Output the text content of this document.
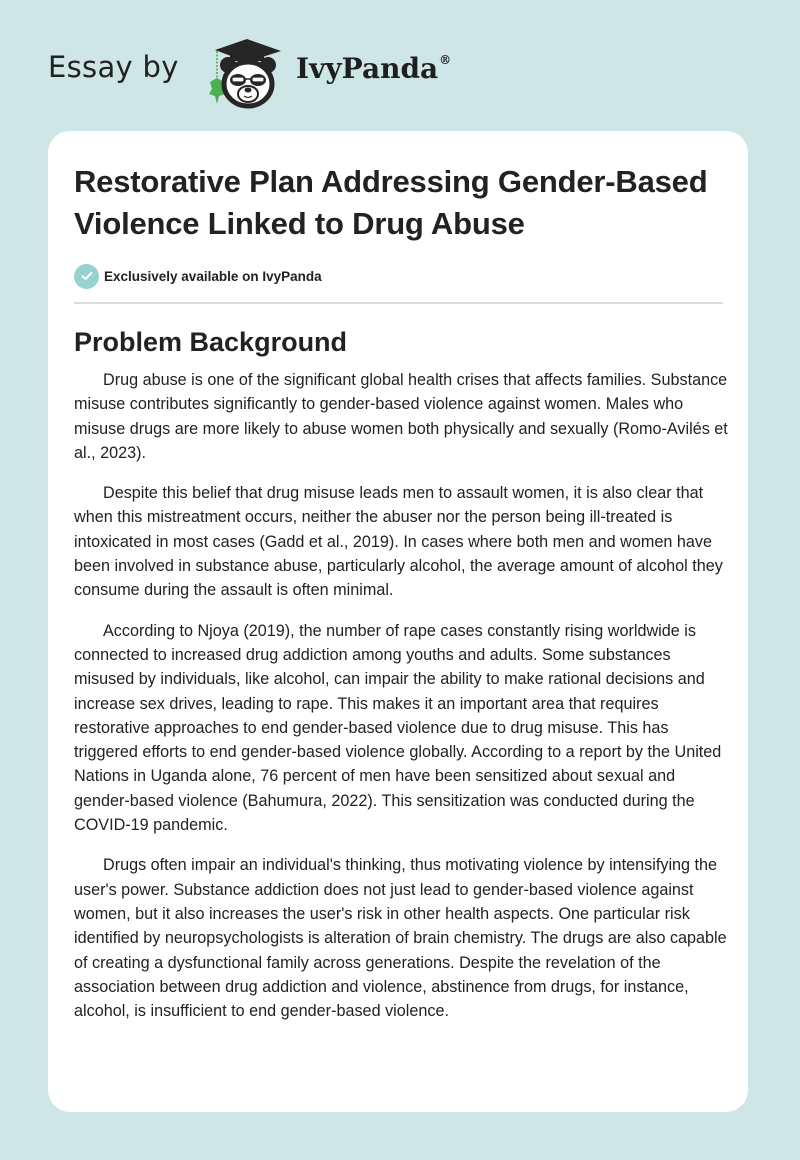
Essay by	IvyPanda®
Restorative Plan Addressing Gender-Based Violence Linked to Drug Abuse
Exclusively available on IvyPanda
Problem Background

Drug abuse is one of the significant global health crises that affects families. Substance misuse contributes significantly to gender-based violence against women. Males who misuse drugs are more likely to abuse women both physically and sexually (Romo-Avilés et al., 2023).

Despite this belief that drug misuse leads men to assault women, it is also clear that when this mistreatment occurs, neither the abuser nor the person being ill-treated is intoxicated in most cases (Gadd et al., 2019). In cases where both men and women have been involved in substance abuse, particularly alcohol, the average amount of alcohol they consume during the assault is often minimal.

According to Njoya (2019), the number of rape cases constantly rising worldwide is connected to increased drug addiction among youths and adults. Some substances misused by individuals, like alcohol, can impair the ability to make rational decisions and increase sex drives, leading to rape. This makes it an important area that requires restorative approaches to end gender-based violence due to drug misuse. This has triggered efforts to end gender-based violence globally. According to a report by the United Nations in Uganda alone, 76 percent of men have been sensitized about sexual and gender-based violence (Bahumura, 2022). This sensitization was conducted during the COVID-19 pandemic.

Drugs often impair an individual's thinking, thus motivating violence by intensifying the user's power. Substance addiction does not just lead to gender-based violence against women, but it also increases the user's risk in other health aspects. One particular risk identified by neuropsychologists is alteration of brain chemistry. The drugs are also capable of creating a dysfunctional family across generations. Despite the revelation of the association between drug addiction and violence, abstinence from drugs, for instance, alcohol, is insufficient to end gender-based violence.
